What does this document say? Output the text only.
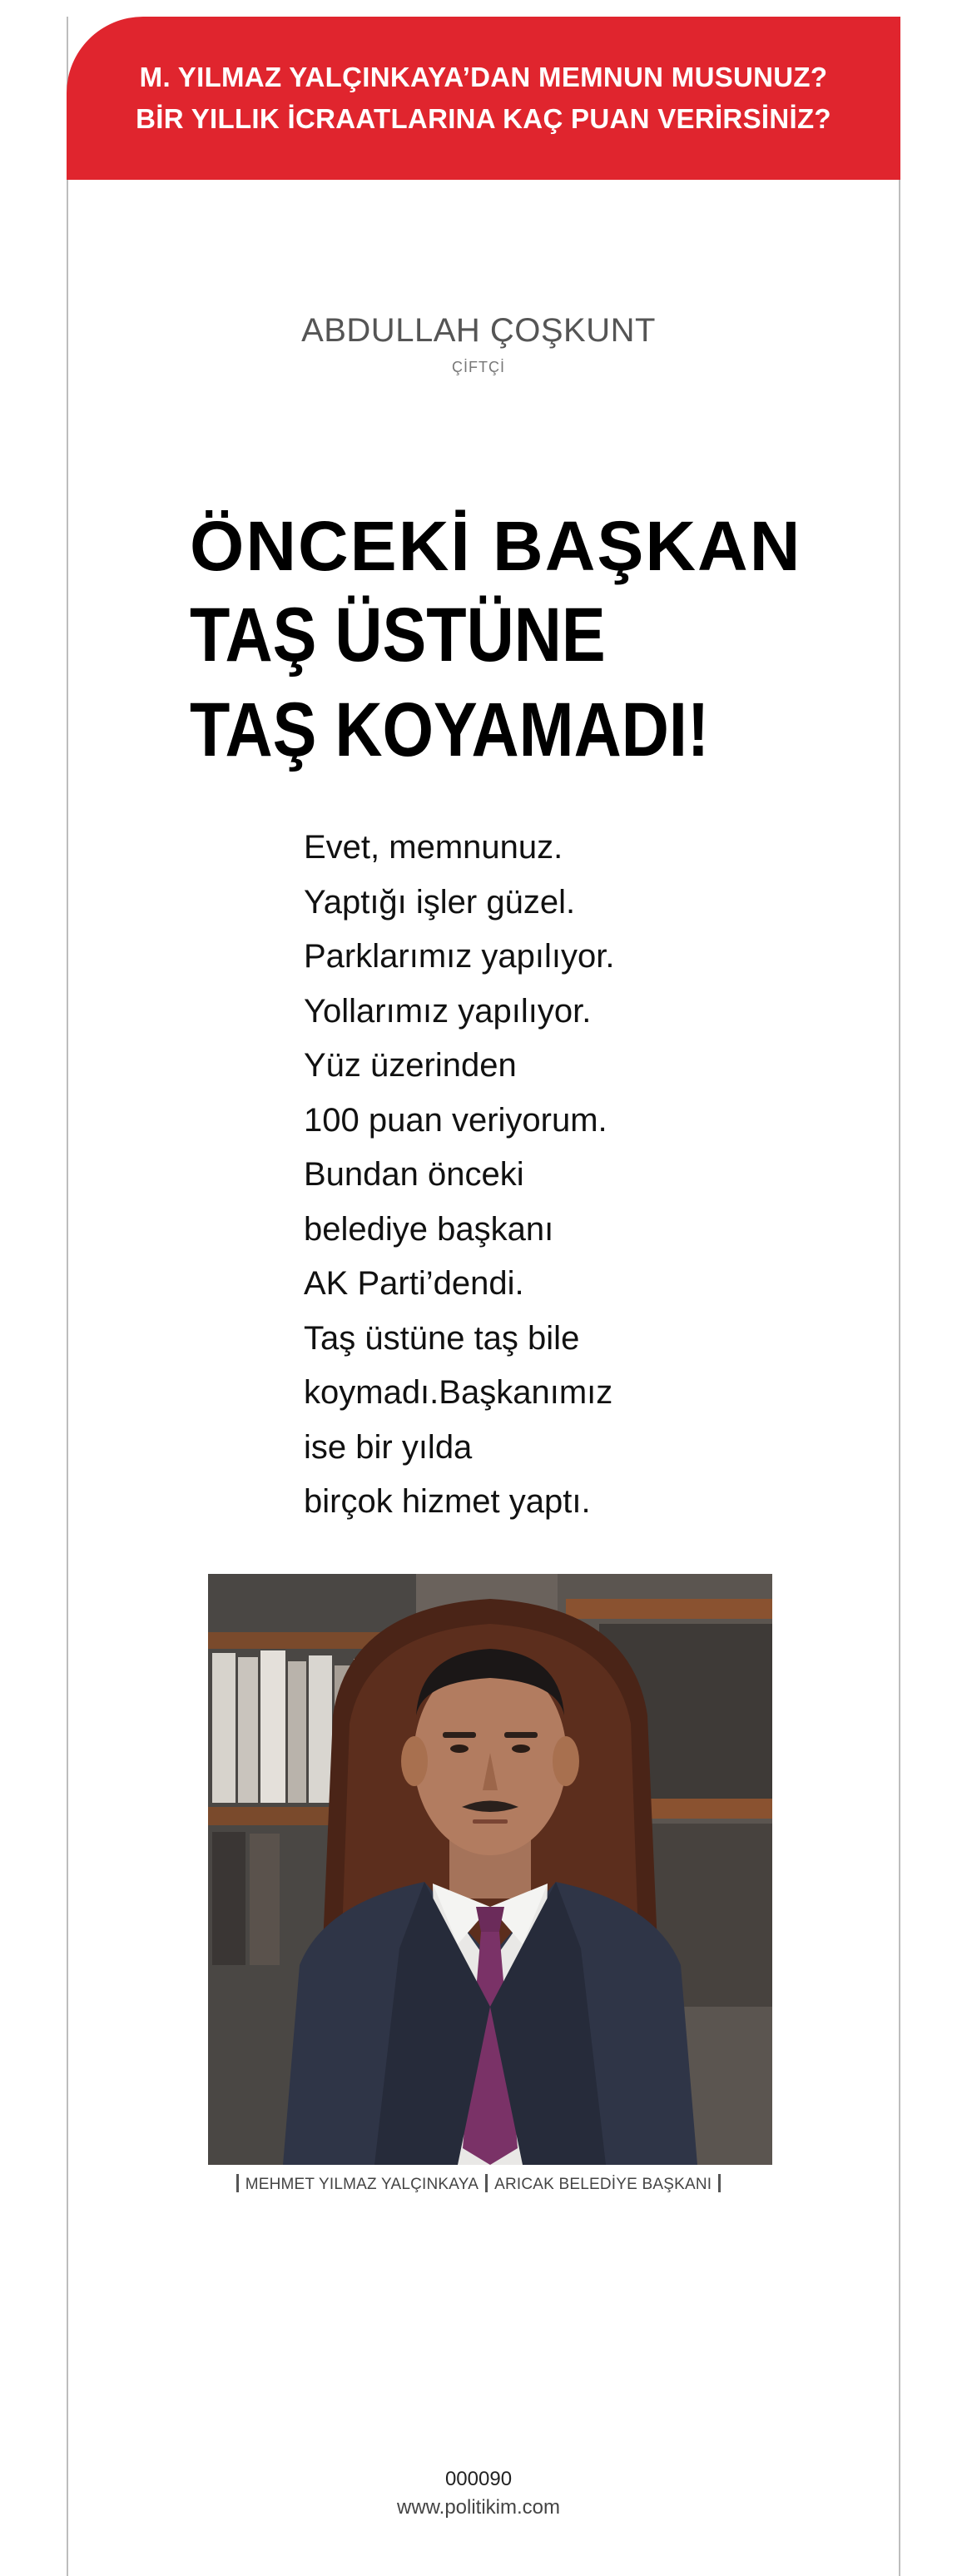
M. YILMAZ YALÇINKAYA’DAN MEMNUN MUSUNUZ?
BİR YILLIK İCRAATLARINA KAÇ PUAN VERİRSİNİZ?
ABDULLAH ÇOŞKUNT
ÇİFTÇİ
ÖNCEKİ BAŞKAN
TAŞ ÜSTÜNE
TAŞ KOYAMADI!
Evet, memnunuz.
Yaptığı işler güzel.
Parklarımız yapılıyor.
Yollarımız yapılıyor.
Yüz üzerinden
100 puan veriyorum.
Bundan önceki
belediye başkanı
AK Parti’dendi.
Taş üstüne taş bile
koymadı.Başkanımız
ise bir yılda
birçok hizmet yaptı.
MEHMET YILMAZ YALÇINKAYA ARICAK BELEDİYE BAŞKANI
000090
www.politikim.com
